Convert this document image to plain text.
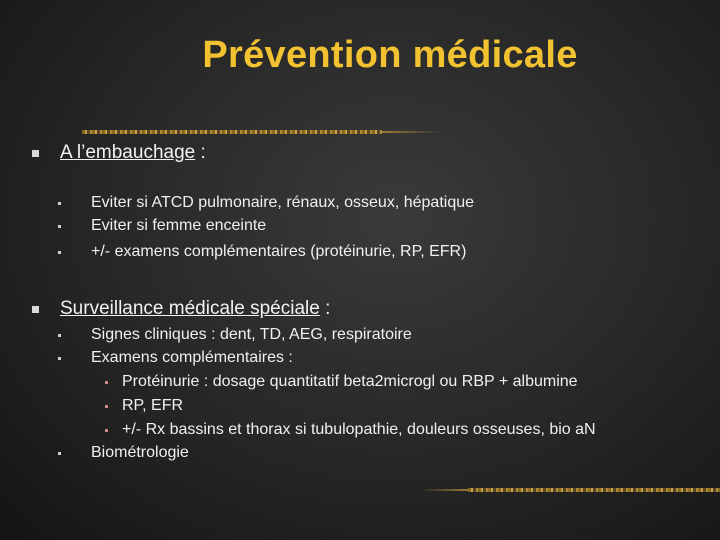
Prévention médicale
A l’embauchage :
Eviter si ATCD pulmonaire, rénaux, osseux, hépatique
Eviter si femme enceinte
+/- examens complémentaires (protéinurie, RP, EFR)
Surveillance médicale spéciale :
Signes cliniques : dent, TD, AEG, respiratoire
Examens complémentaires :
Protéinurie : dosage quantitatif beta2microgl ou RBP + albumine
RP, EFR
+/- Rx bassins et thorax si tubulopathie, douleurs osseuses, bio aN
Biométrologie
